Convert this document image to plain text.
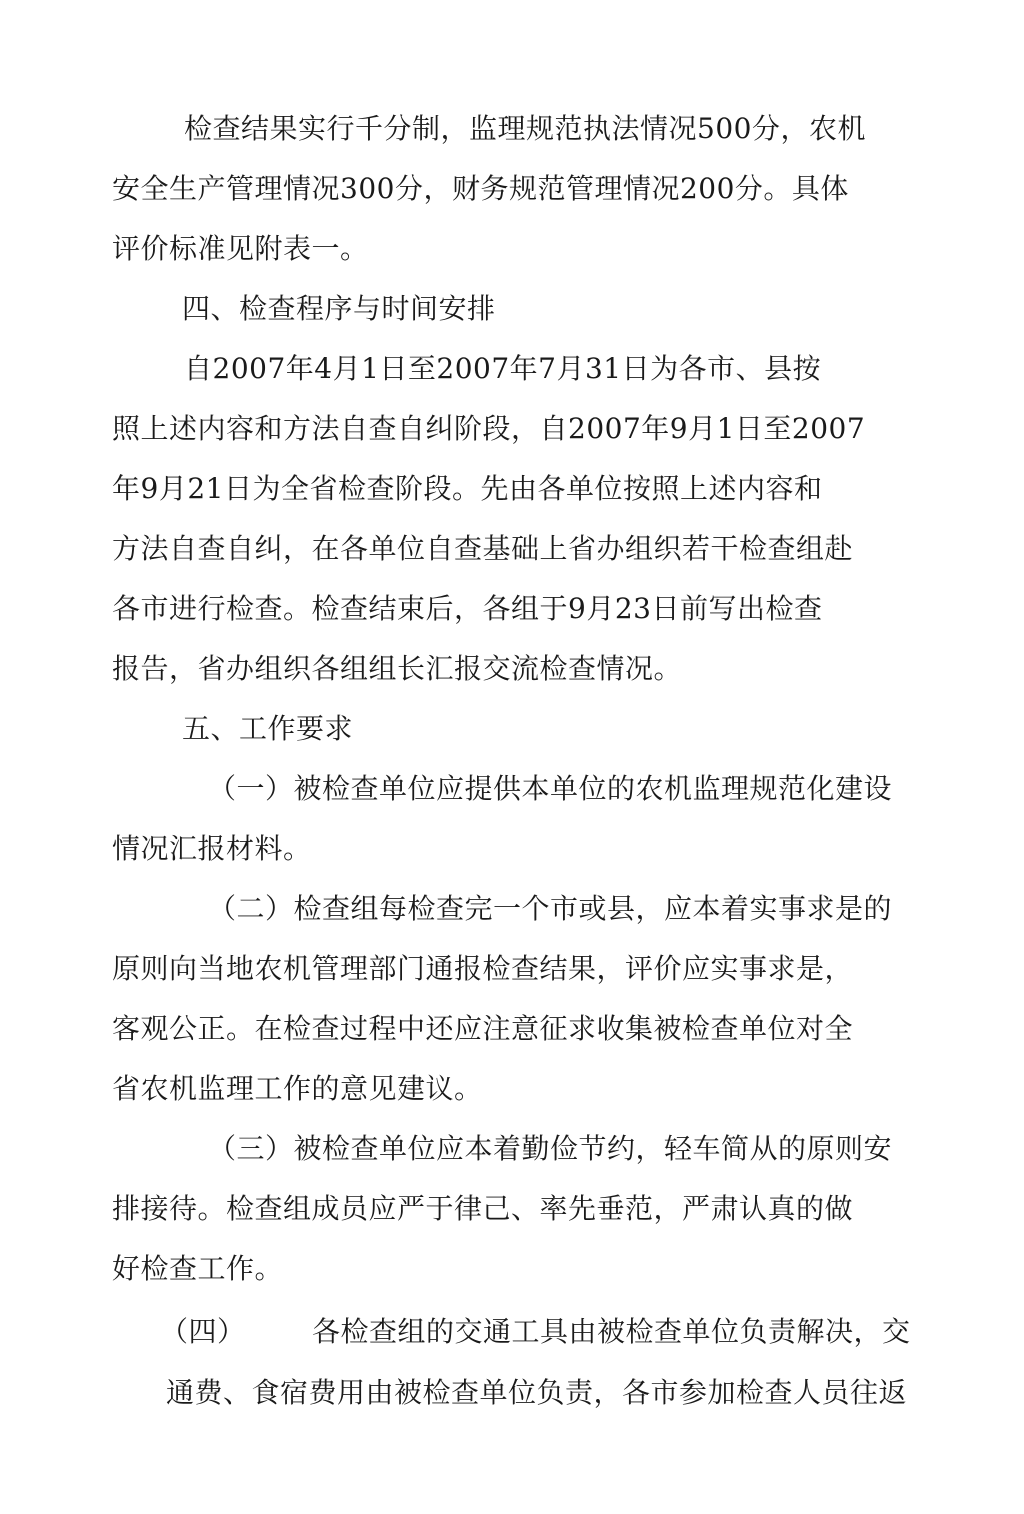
检查结果实行千分制，监理规范执法情况500分，农机
安全生产管理情况300分，财务规范管理情况200分。具体
评价标准见附表一。
四、检查程序与时间安排
自2007年4月1日至2007年7月31日为各市、县按
照上述内容和方法自查自纠阶段，自2007年9月1日至2007
年9月21日为全省检查阶段。先由各单位按照上述内容和
方法自查自纠，在各单位自查基础上省办组织若干检查组赴
各市进行检查。检查结束后，各组于9月23日前写出检查
报告，省办组织各组组长汇报交流检查情况。
五、工作要求
（一）被检查单位应提供本单位的农机监理规范化建设
情况汇报材料。
（二）检查组每检查完一个市或县，应本着实事求是的
原则向当地农机管理部门通报检查结果，评价应实事求是，
客观公正。在检查过程中还应注意征求收集被检查单位对全
省农机监理工作的意见建议。
（三）被检查单位应本着勤俭节约，轻车简从的原则安
排接待。检查组成员应严于律己、率先垂范，严肃认真的做
好检查工作。
（四） 各检查组的交通工具由被检查单位负责解决，交
通费、食宿费用由被检查单位负责，各市参加检查人员往返
